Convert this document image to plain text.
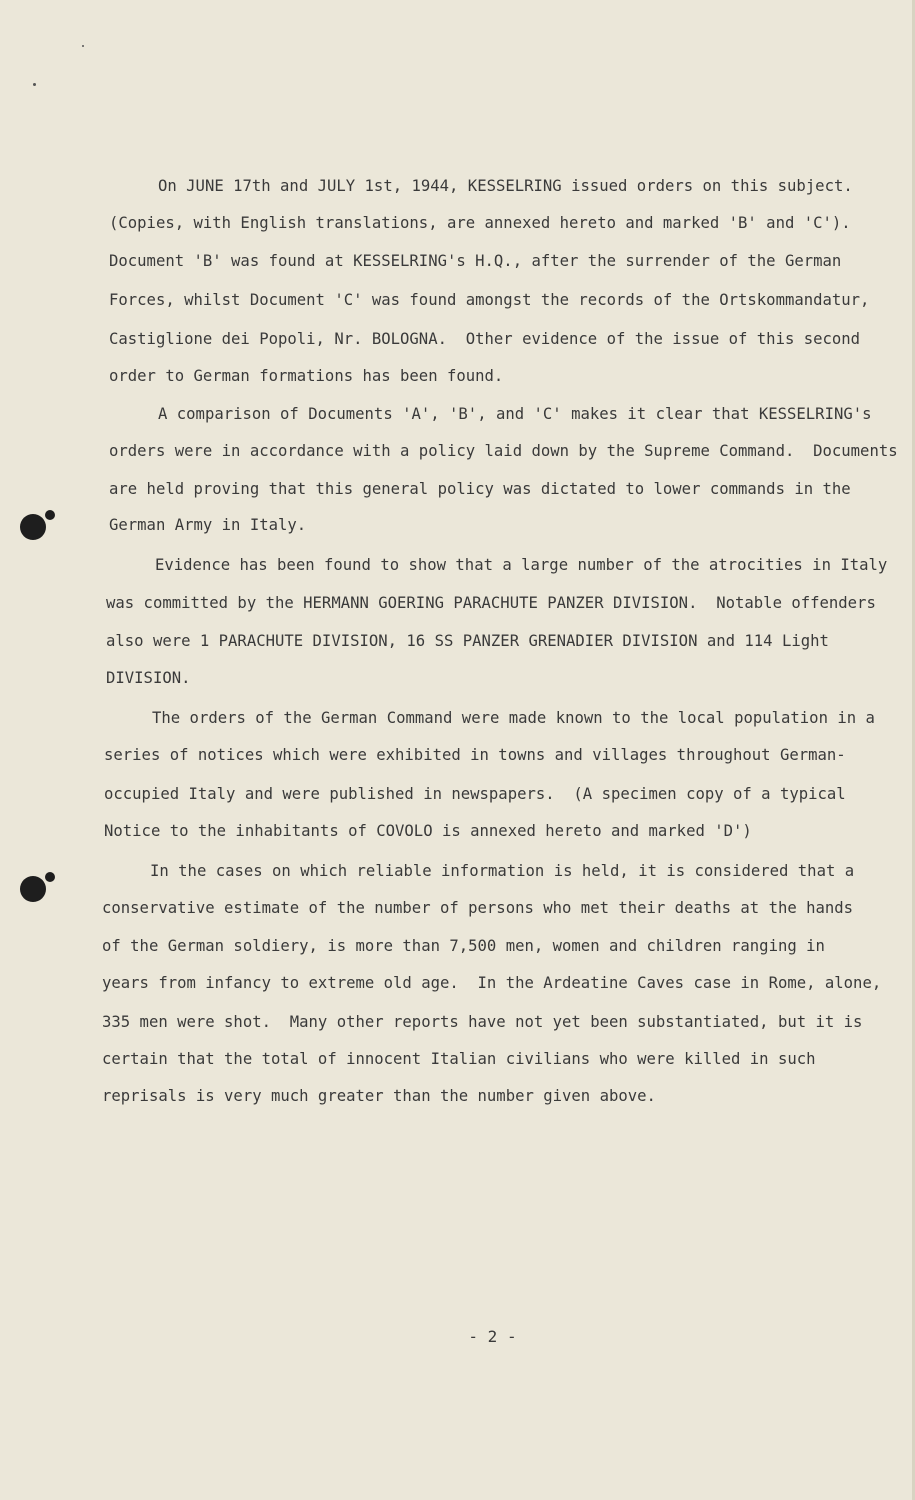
On JUNE 17th and JULY 1st, 1944, KESSELRING issued orders on this subject.
(Copies, with English translations, are annexed hereto and marked 'B' and 'C').
Document 'B' was found at KESSELRING's H.Q., after the surrender of the German
Forces, whilst Document 'C' was found amongst the records of the Ortskommandatur,
Castiglione dei Popoli, Nr. BOLOGNA.  Other evidence of the issue of this second
order to German formations has been found.
A comparison of Documents 'A', 'B', and 'C' makes it clear that KESSELRING's
orders were in accordance with a policy laid down by the Supreme Command.  Documents
are held proving that this general policy was dictated to lower commands in the
German Army in Italy.
Evidence has been found to show that a large number of the atrocities in Italy
was committed by the HERMANN GOERING PARACHUTE PANZER DIVISION.  Notable offenders
also were 1 PARACHUTE DIVISION, 16 SS PANZER GRENADIER DIVISION and 114 Light
DIVISION.
The orders of the German Command were made known to the local population in a
series of notices which were exhibited in towns and villages throughout German-
occupied Italy and were published in newspapers.  (A specimen copy of a typical
Notice to the inhabitants of COVOLO is annexed hereto and marked 'D')
In the cases on which reliable information is held, it is considered that a
conservative estimate of the number of persons who met their deaths at the hands
of the German soldiery, is more than 7,500 men, women and children ranging in
years from infancy to extreme old age.  In the Ardeatine Caves case in Rome, alone,
335 men were shot.  Many other reports have not yet been substantiated, but it is
certain that the total of innocent Italian civilians who were killed in such
reprisals is very much greater than the number given above.
- 2 -
